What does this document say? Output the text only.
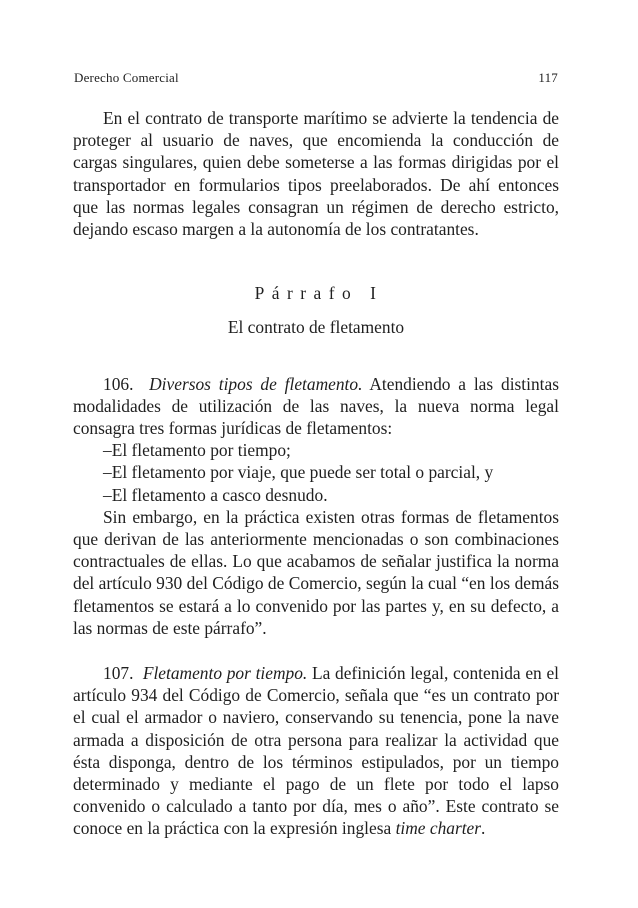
Derecho Comercial	117

En el contrato de transporte marítimo se advierte la tendencia de proteger al usuario de naves, que encomienda la conducción de cargas singulares, quien debe someterse a las formas dirigidas por el transportador en formularios tipos preelaborados. De ahí entonces que las normas legales consagran un régimen de derecho estricto, dejando escaso margen a la autonomía de los contratantes.

Párrafo I
El contrato de fletamento

106. Diversos tipos de fletamento. Atendiendo a las distintas modalidades de utilización de las naves, la nueva norma legal consagra tres formas jurídicas de fletamentos:

–El fletamento por tiempo;

–El fletamento por viaje, que puede ser total o parcial, y

–El fletamento a casco desnudo.

Sin embargo, en la práctica existen otras formas de fletamentos que derivan de las anteriormente mencionadas o son combinaciones contractuales de ellas. Lo que acabamos de señalar justifica la norma del artículo 930 del Código de Comercio, según la cual “en los demás fletamentos se estará a lo convenido por las partes y, en su defecto, a las normas de este párrafo”.

107. Fletamento por tiempo. La definición legal, contenida en el artículo 934 del Código de Comercio, señala que “es un contrato por el cual el armador o naviero, conservando su tenencia, pone la nave armada a disposición de otra persona para realizar la actividad que ésta disponga, dentro de los términos estipulados, por un tiempo determinado y mediante el pago de un flete por todo el lapso convenido o calculado a tanto por día, mes o año”. Este contrato se conoce en la práctica con la expresión inglesa time charter.
